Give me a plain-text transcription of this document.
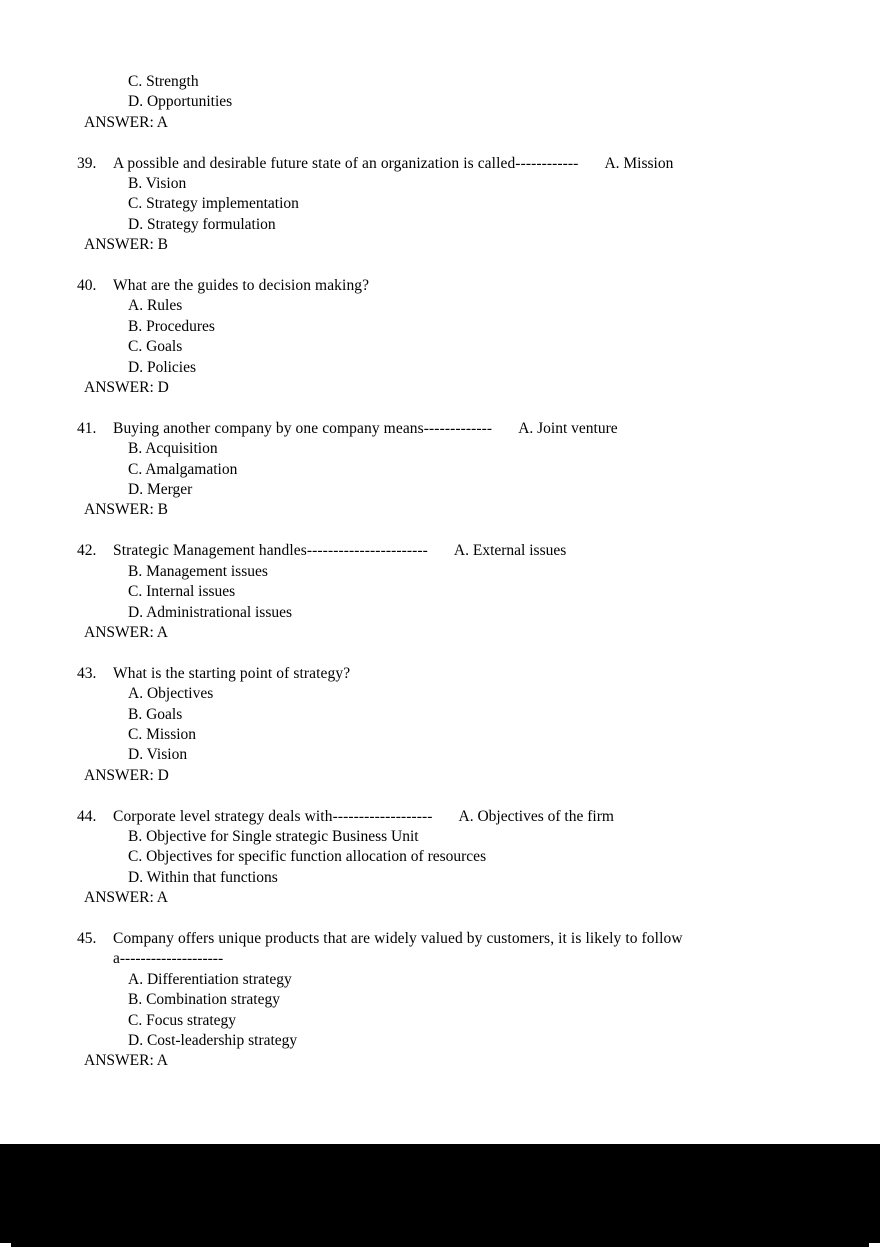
C. Strength
D. Opportunities
ANSWER: A
39. A possible and desirable future state of an organization is called------------ A. Mission
B. Vision
C. Strategy implementation
D. Strategy formulation
ANSWER: B
40. What are the guides to decision making?
A. Rules
B. Procedures
C. Goals
D. Policies
ANSWER: D
41. Buying another company by one company means------------- A. Joint venture
B. Acquisition
C. Amalgamation
D. Merger
ANSWER: B
42. Strategic Management handles----------------------- A. External issues
B. Management issues
C. Internal issues
D. Administrational issues
ANSWER: A
43. What is the starting point of strategy?
A. Objectives
B. Goals
C. Mission
D. Vision
ANSWER: D
44. Corporate level strategy deals with------------------- A. Objectives of the firm
B. Objective for Single strategic Business Unit
C. Objectives for specific function allocation of resources
D. Within that functions
ANSWER: A
45. Company offers unique products that are widely valued by customers, it is likely to follow
a--------------------
A. Differentiation strategy
B. Combination strategy
C. Focus strategy
D. Cost-leadership strategy
ANSWER: A
